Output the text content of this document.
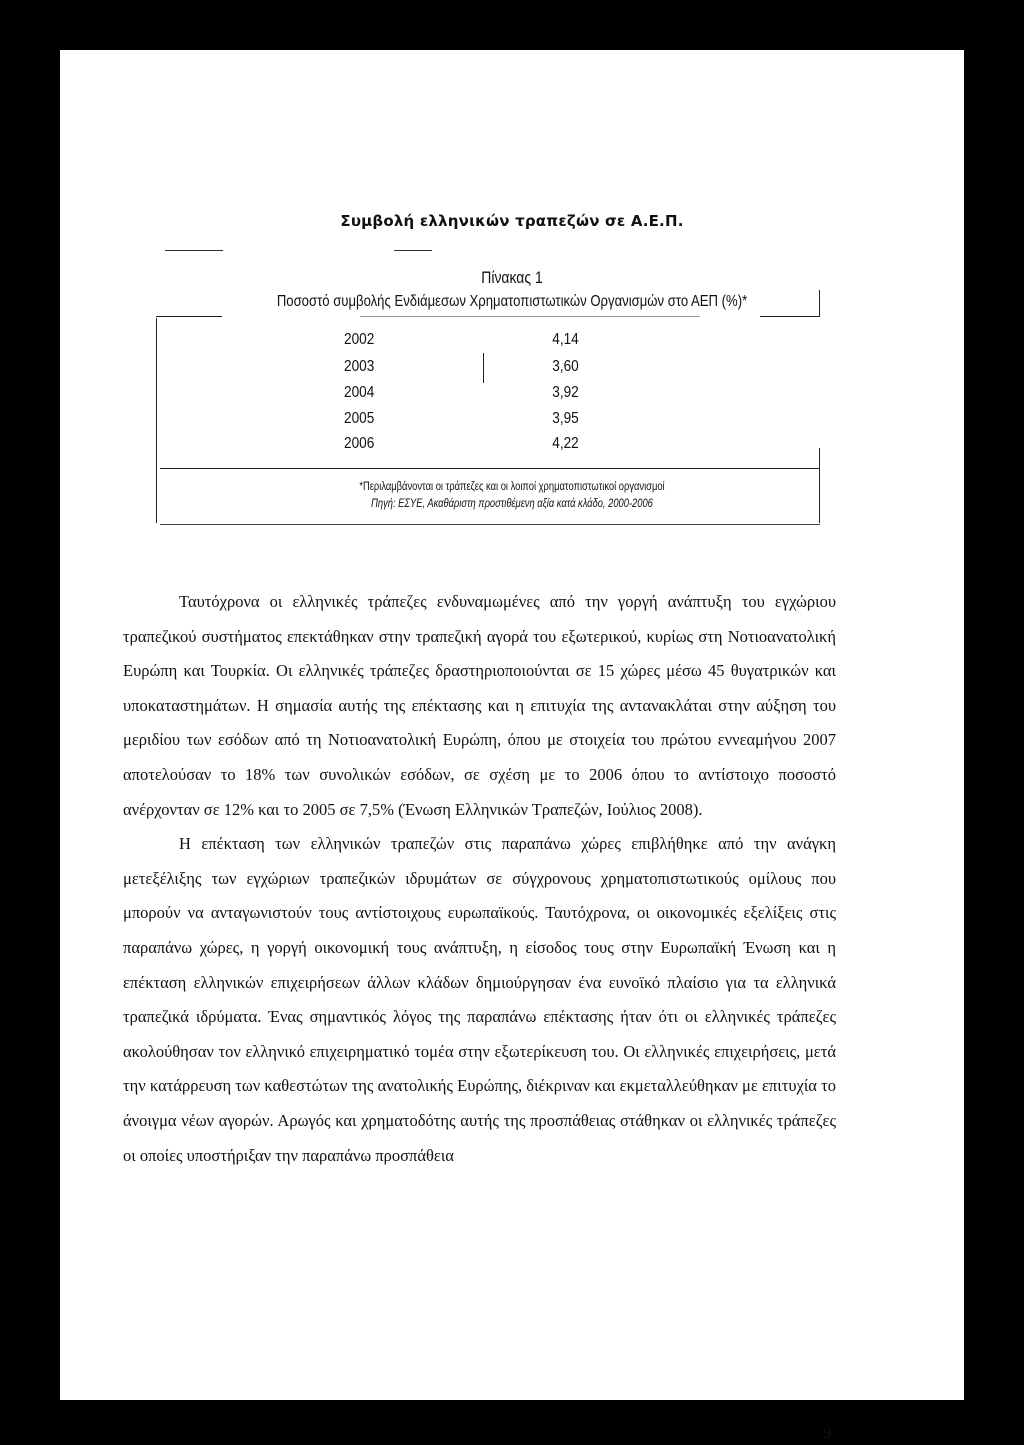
Συμβολή ελληνικών τραπεζών σε Α.Ε.Π.
Πίνακας 1
Ποσοστό συμβολής Ενδιάμεσων Χρηματοπιστωτικών Οργανισμών στο ΑΕΠ (%)*
2002	4,14
2003	3,60
2004	3,92
2005	3,95
2006	4,22
*Περιλαμβάνονται οι τράπεζες και οι λοιποί χρηματοπιστωτικοί οργανισμοί
Πηγή: ΕΣΥΕ, Ακαθάριστη προστιθέμενη αξία κατά κλάδο, 2000-2006

Ταυτόχρονα οι ελληνικές τράπεζες ενδυναμωμένες από την γοργή ανάπτυξη του εγχώριου τραπεζικού συστήματος επεκτάθηκαν στην τραπεζική αγορά του εξωτερικού, κυρίως στη Νοτιοανατολική Ευρώπη και Τουρκία. Οι ελληνικές τράπεζες δραστηριοποιούνται σε 15 χώρες μέσω 45 θυγατρικών και υποκαταστημάτων. Η σημασία αυτής της επέκτασης και η επιτυχία της αντανακλάται στην αύξηση του μεριδίου των εσόδων από τη Νοτιοανατολική Ευρώπη, όπου με στοιχεία του πρώτου εννεαμήνου 2007 αποτελούσαν το 18% των συνολικών εσόδων, σε σχέση με το 2006 όπου το αντίστοιχο ποσοστό ανέρχονταν σε 12% και το 2005 σε 7,5% (Ένωση Ελληνικών Τραπεζών, Ιούλιος 2008).

Η επέκταση των ελληνικών τραπεζών στις παραπάνω χώρες επιβλήθηκε από την ανάγκη μετεξέλιξης των εγχώριων τραπεζικών ιδρυμάτων σε σύγχρονους χρηματοπιστωτικούς ομίλους που μπορούν να ανταγωνιστούν τους αντίστοιχους ευρωπαϊκούς. Ταυτόχρονα, οι οικονομικές εξελίξεις στις παραπάνω χώρες, η γοργή οικονομική τους ανάπτυξη, η είσοδος τους στην Ευρωπαϊκή Ένωση και η επέκταση ελληνικών επιχειρήσεων άλλων κλάδων δημιούργησαν ένα ευνοϊκό πλαίσιο για τα ελληνικά τραπεζικά ιδρύματα. Ένας σημαντικός λόγος της παραπάνω επέκτασης ήταν ότι οι ελληνικές τράπεζες ακολούθησαν τον ελληνικό επιχειρηματικό τομέα στην εξωτερίκευση του. Οι ελληνικές επιχειρήσεις, μετά την κατάρρευση των καθεστώτων της ανατολικής Ευρώπης, διέκριναν και εκμεταλλεύθηκαν με επιτυχία το άνοιγμα νέων αγορών. Αρωγός και χρηματοδότης αυτής της προσπάθειας στάθηκαν οι ελληνικές τράπεζες οι οποίες υποστήριξαν την παραπάνω προσπάθεια

9
